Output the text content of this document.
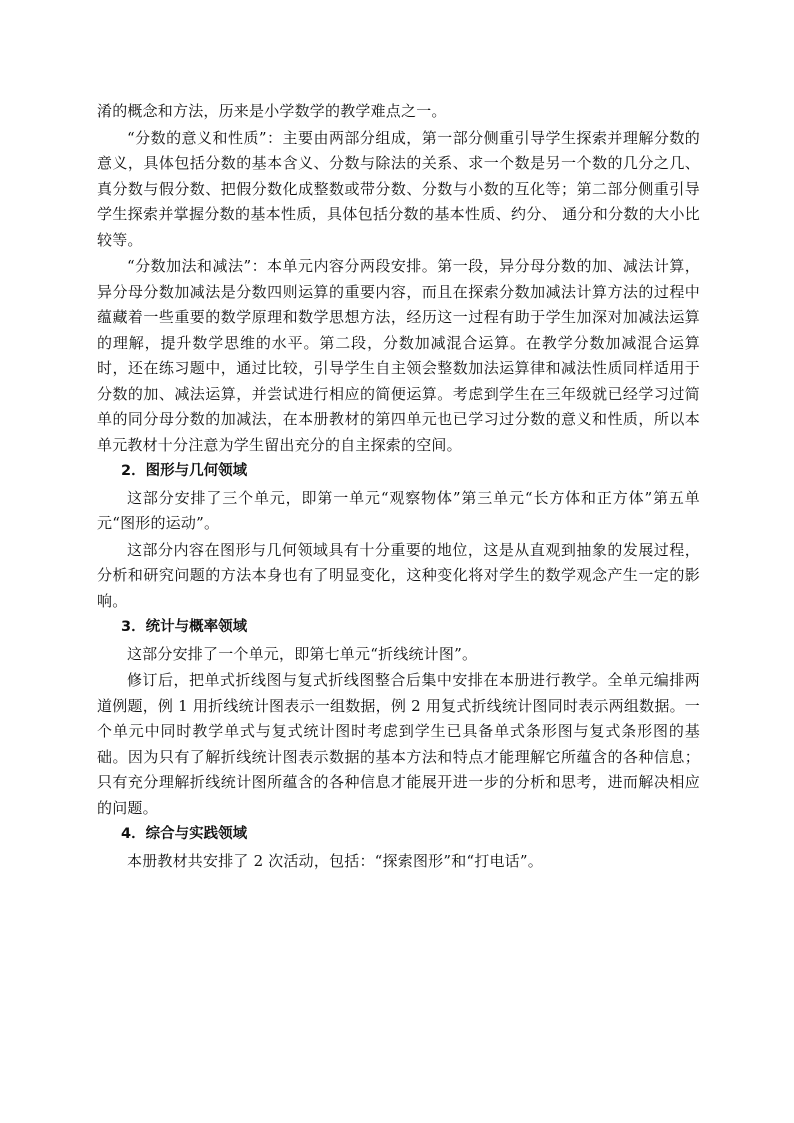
淆的概念和方法，历来是小学数学的教学难点之一。

“分数的意义和性质”：主要由两部分组成，第一部分侧重引导学生探索并理解分数的意义，具体包括分数的基本含义、分数与除法的关系、求一个数是另一个数的几分之几、真分数与假分数、把假分数化成整数或带分数、分数与小数的互化等；第二部分侧重引导学生探索并掌握分数的基本性质，具体包括分数的基本性质、约分、 通分和分数的大小比较等。

“分数加法和减法”：本单元内容分两段安排。第一段，异分母分数的加、减法计算，异分母分数加减法是分数四则运算的重要内容，而且在探索分数加减法计算方法的过程中蕴藏着一些重要的数学原理和数学思想方法，经历这一过程有助于学生加深对加减法运算的理解，提升数学思维的水平。第二段，分数加减混合运算。在教学分数加减混合运算时，还在练习题中，通过比较，引导学生自主领会整数加法运算律和减法性质同样适用于分数的加、减法运算，并尝试进行相应的简便运算。考虑到学生在三年级就已经学习过简单的同分母分数的加减法，在本册教材的第四单元也已学习过分数的意义和性质，所以本单元教材十分注意为学生留出充分的自主探索的空间。

2．图形与几何领域

这部分安排了三个单元，即第一单元“观察物体”第三单元“长方体和正方体”第五单元“图形的运动”。

这部分内容在图形与几何领域具有十分重要的地位，这是从直观到抽象的发展过程，分析和研究问题的方法本身也有了明显变化，这种变化将对学生的数学观念产生一定的影响。

3．统计与概率领域

这部分安排了一个单元，即第七单元“折线统计图”。

修订后，把单式折线图与复式折线图整合后集中安排在本册进行教学。全单元编排两道例题，例 1 用折线统计图表示一组数据，例 2 用复式折线统计图同时表示两组数据。一个单元中同时教学单式与复式统计图时考虑到学生已具备单式条形图与复式条形图的基础。因为只有了解折线统计图表示数据的基本方法和特点才能理解它所蕴含的各种信息；只有充分理解折线统计图所蕴含的各种信息才能展开进一步的分析和思考，进而解决相应的问题。

4．综合与实践领域

本册教材共安排了 2 次活动，包括：“探索图形”和“打电话”。
